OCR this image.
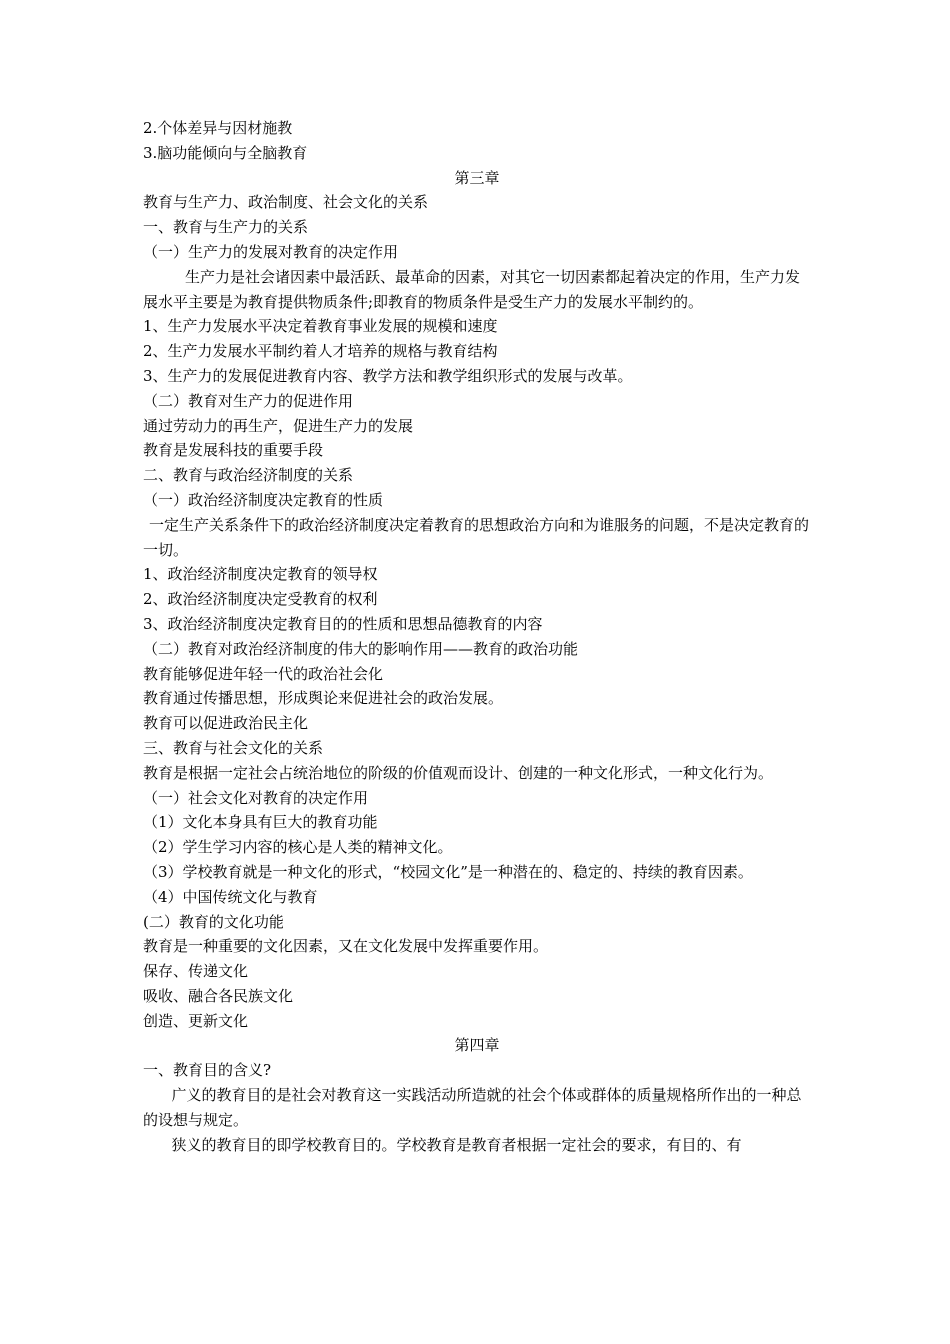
2.个体差异与因材施教
3.脑功能倾向与全脑教育
第三章
教育与生产力、政治制度、社会文化的关系
一、教育与生产力的关系
（一）生产力的发展对教育的决定作用
生产力是社会诸因素中最活跃、最革命的因素，对其它一切因素都起着决定的作用，生产力发展水平主要是为教育提供物质条件;即教育的物质条件是受生产力的发展水平制约的。
1、生产力发展水平决定着教育事业发展的规模和速度
2、生产力发展水平制约着人才培养的规格与教育结构
3、生产力的发展促进教育内容、教学方法和教学组织形式的发展与改革。
（二）教育对生产力的促进作用
通过劳动力的再生产，促进生产力的发展
教育是发展科技的重要手段
二、教育与政治经济制度的关系
（一）政治经济制度决定教育的性质
一定生产关系条件下的政治经济制度决定着教育的思想政治方向和为谁服务的问题，不是决定教育的一切。
1、政治经济制度决定教育的领导权
2、政治经济制度决定受教育的权利
3、政治经济制度决定教育目的的性质和思想品德教育的内容
（二）教育对政治经济制度的伟大的影响作用——教育的政治功能
教育能够促进年轻一代的政治社会化
教育通过传播思想，形成舆论来促进社会的政治发展。
教育可以促进政治民主化
三、教育与社会文化的关系
教育是根据一定社会占统治地位的阶级的价值观而设计、创建的一种文化形式，一种文化行为。
（一）社会文化对教育的决定作用
（1）文化本身具有巨大的教育功能
（2）学生学习内容的核心是人类的精神文化。
（3）学校教育就是一种文化的形式，“校园文化”是一种潜在的、稳定的、持续的教育因素。
（4）中国传统文化与教育
(二）教育的文化功能
教育是一种重要的文化因素，又在文化发展中发挥重要作用。
保存、传递文化
吸收、融合各民族文化
创造、更新文化
第四章
一、教育目的含义?
广义的教育目的是社会对教育这一实践活动所造就的社会个体或群体的质量规格所作出的一种总的设想与规定。
狭义的教育目的即学校教育目的。学校教育是教育者根据一定社会的要求，有目的、有
